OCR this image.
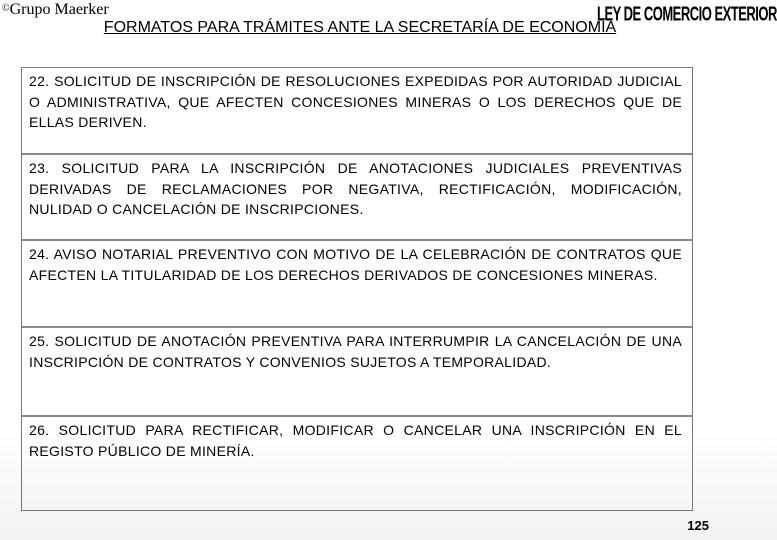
©Grupo Maerker	LEY DE COMERCIO EXTERIOR
FORMATOS PARA TRÁMITES ANTE LA SECRETARÍA DE ECONOMÍA
22. SOLICITUD DE INSCRIPCIÓN DE RESOLUCIONES EXPEDIDAS POR AUTORIDAD JUDICIAL O ADMINISTRATIVA, QUE AFECTEN CONCESIONES MINERAS O LOS DERECHOS QUE DE ELLAS DERIVEN.
23. SOLICITUD PARA LA INSCRIPCIÓN DE ANOTACIONES JUDICIALES PREVENTIVAS DERIVADAS DE RECLAMACIONES POR NEGATIVA, RECTIFICACIÓN, MODIFICACIÓN, NULIDAD O CANCELACIÓN DE INSCRIPCIONES.
24. AVISO NOTARIAL PREVENTIVO CON MOTIVO DE LA CELEBRACIÓN DE CONTRATOS QUE AFECTEN LA TITULARIDAD DE LOS DERECHOS DERIVADOS DE CONCESIONES MINERAS.
25. SOLICITUD DE ANOTACIÓN PREVENTIVA PARA INTERRUMPIR LA CANCELACIÓN DE UNA INSCRIPCIÓN DE CONTRATOS Y CONVENIOS SUJETOS A TEMPORALIDAD.
26. SOLICITUD PARA RECTIFICAR, MODIFICAR O CANCELAR UNA INSCRIPCIÓN EN EL REGISTO PÚBLICO DE MINERÍA.
125
